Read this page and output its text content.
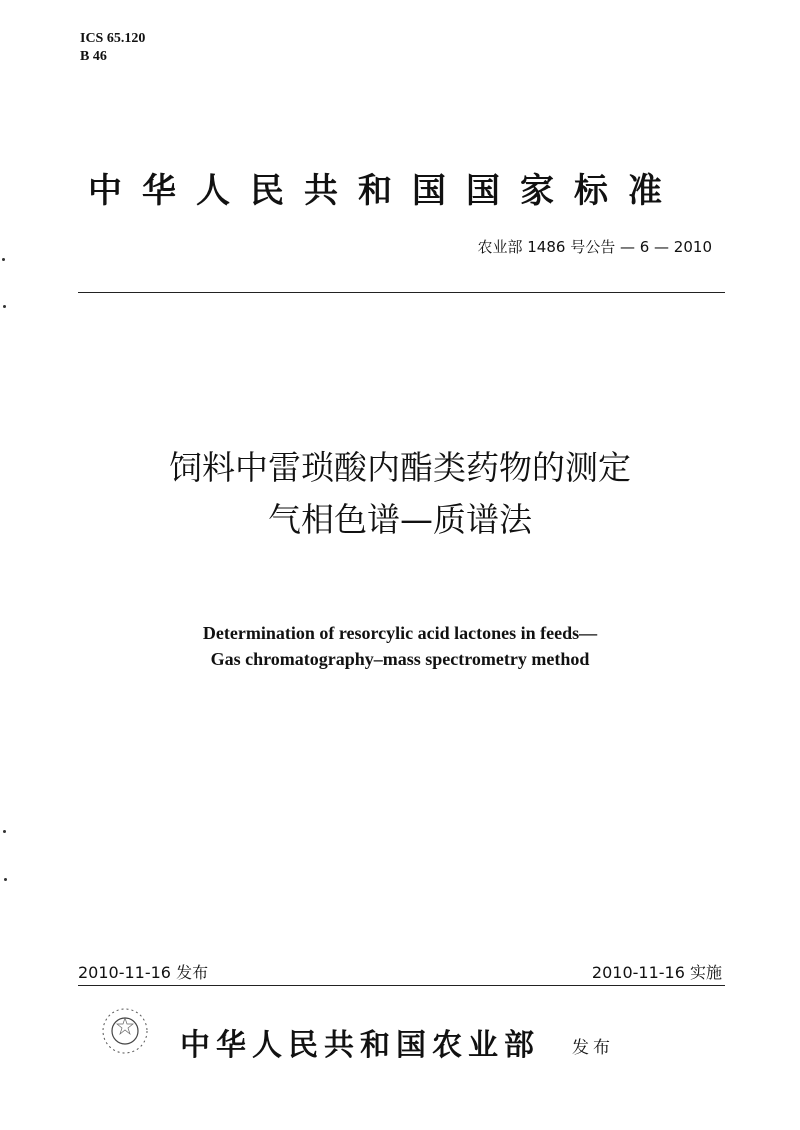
ICS 65.120
B 46
中华人民共和国国家标准
农业部 1486 号公告 — 6 — 2010
饲料中雷琐酸内酯类药物的测定
气相色谱—质谱法
Determination of resorcylic acid lactones in feeds—
Gas chromatography–mass spectrometry method
2010-11-16 发布	2010-11-16 实施
中华人民共和国农业部 发布
